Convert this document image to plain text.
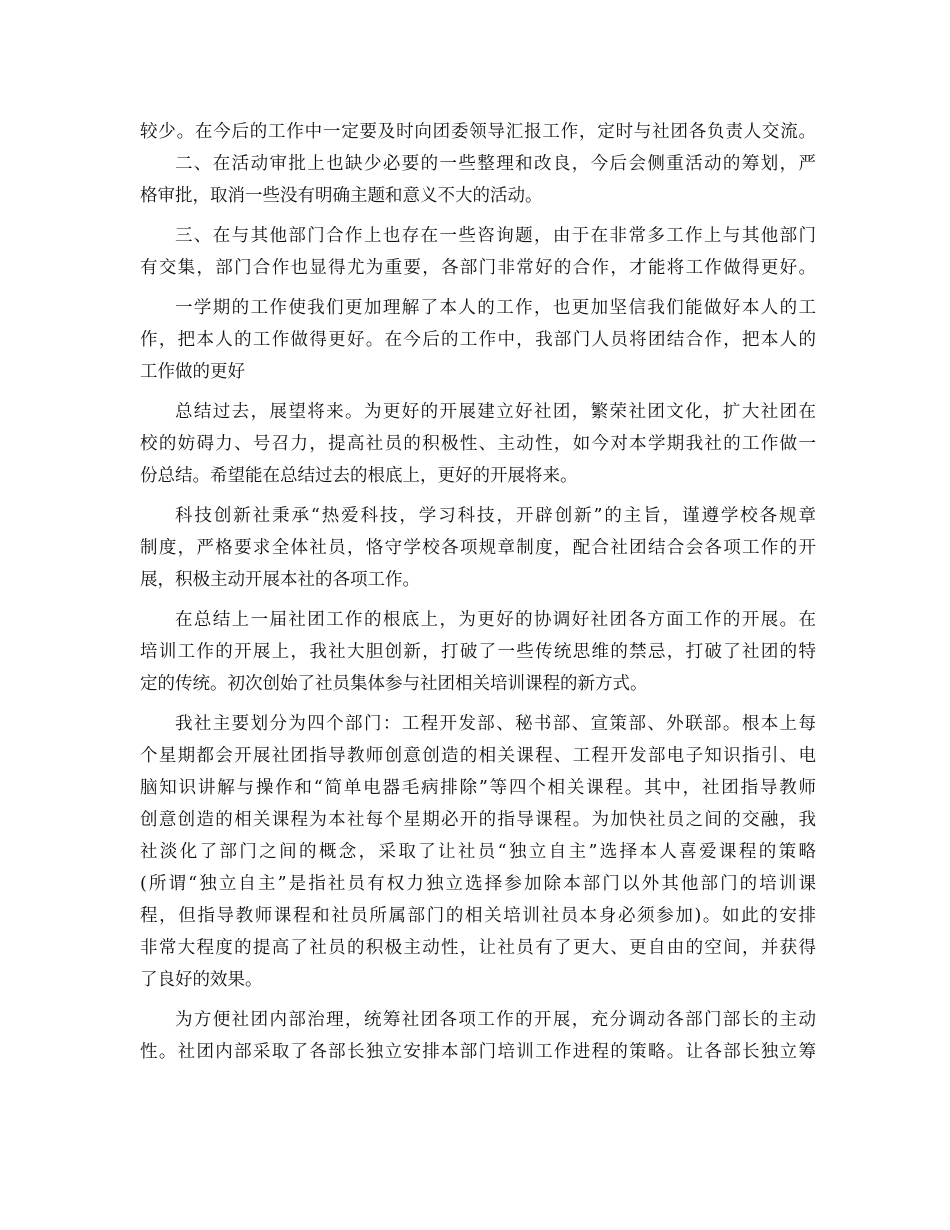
较少。在今后的工作中一定要及时向团委领导汇报工作，定时与社团各负责人交流。
二、在活动审批上也缺少必要的一些整理和改良，今后会侧重活动的筹划，严
格审批，取消一些没有明确主题和意义不大的活动。
三、在与其他部门合作上也存在一些咨询题，由于在非常多工作上与其他部门
有交集，部门合作也显得尤为重要，各部门非常好的合作，才能将工作做得更好。
一学期的工作使我们更加理解了本人的工作，也更加坚信我们能做好本人的工
作，把本人的工作做得更好。在今后的工作中，我部门人员将团结合作，把本人的
工作做的更好
总结过去，展望将来。为更好的开展建立好社团，繁荣社团文化，扩大社团在
校的妨碍力、号召力，提高社员的积极性、主动性，如今对本学期我社的工作做一
份总结。希望能在总结过去的根底上，更好的开展将来。
科技创新社秉承“热爱科技，学习科技，开辟创新”的主旨，谨遵学校各规章
制度，严格要求全体社员，恪守学校各项规章制度，配合社团结合会各项工作的开
展，积极主动开展本社的各项工作。
在总结上一届社团工作的根底上，为更好的协调好社团各方面工作的开展。在
培训工作的开展上，我社大胆创新，打破了一些传统思维的禁忌，打破了社团的特
定的传统。初次创始了社员集体参与社团相关培训课程的新方式。
我社主要划分为四个部门：工程开发部、秘书部、宣策部、外联部。根本上每
个星期都会开展社团指导教师创意创造的相关课程、工程开发部电子知识指引、电
脑知识讲解与操作和“简单电器毛病排除”等四个相关课程。其中，社团指导教师
创意创造的相关课程为本社每个星期必开的指导课程。为加快社员之间的交融，我
社淡化了部门之间的概念，采取了让社员“独立自主”选择本人喜爱课程的策略
(所谓“独立自主”是指社员有权力独立选择参加除本部门以外其他部门的培训课
程，但指导教师课程和社员所属部门的相关培训社员本身必须参加)。如此的安排
非常大程度的提高了社员的积极主动性，让社员有了更大、更自由的空间，并获得
了良好的效果。
为方便社团内部治理，统筹社团各项工作的开展，充分调动各部门部长的主动
性。社团内部采取了各部长独立安排本部门培训工作进程的策略。让各部长独立筹
